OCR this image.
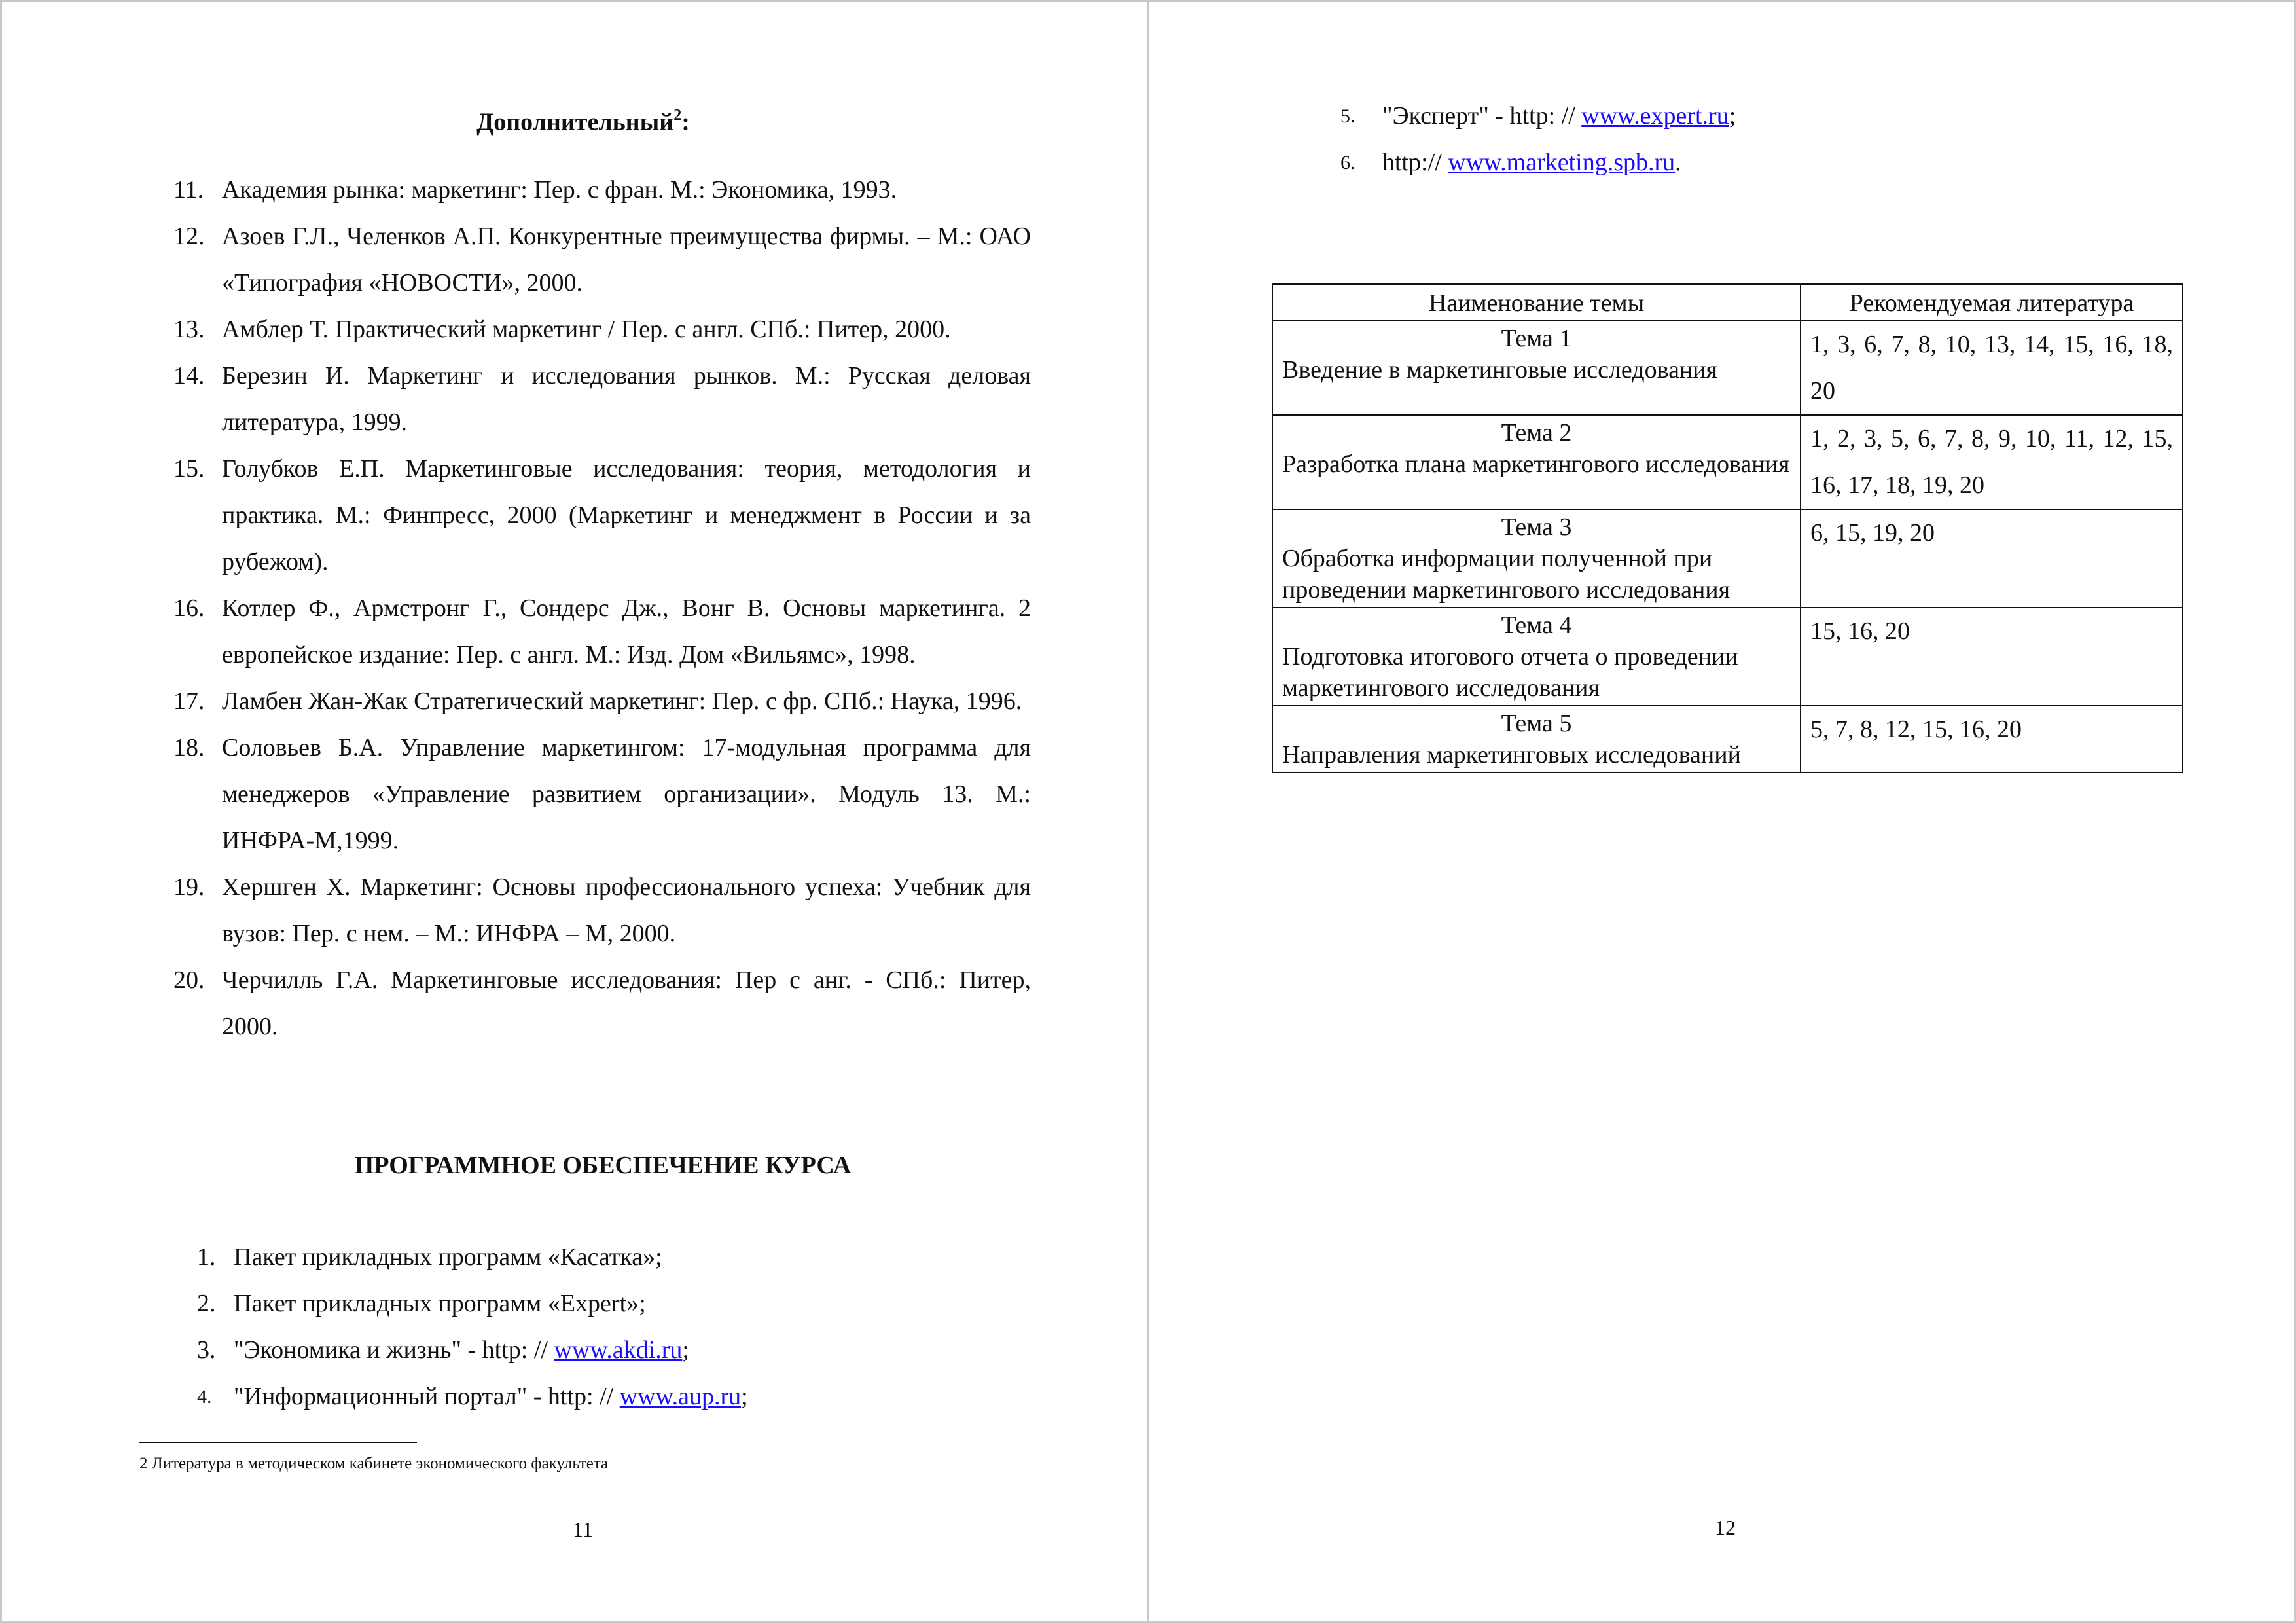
Дополнительный$^2$:
11. Академия рынка: маркетинг: Пер. с фран. М.: Экономика, 1993.
12. Азоев Г.Л., Челенков А.П. Конкурентные преимущества фирмы. – М.: ОАО «Типография «НОВОСТИ», 2000.
13. Амблер Т. Практический маркетинг / Пер. с англ. СПб.: Питер, 2000.
14. Березин И. Маркетинг и исследования рынков. М.: Русская деловая литература, 1999.
15. Голубков Е.П. Маркетинговые исследования: теория, методология и практика. М.: Финпресс, 2000 (Маркетинг и менеджмент в России и за рубежом).
16. Котлер Ф., Армстронг Г., Сондерс Дж., Вонг В. Основы маркетинга. 2 европейское издание: Пер. с англ. М.: Изд. Дом «Вильямс», 1998.
17. Ламбен Жан-Жак Стратегический маркетинг: Пер. с фр. СПб.: Наука, 1996.
18. Соловьев Б.А. Управление маркетингом: 17-модульная программа для менеджеров «Управление развитием организации». Модуль 13. М.: ИНФРА-М,1999.
19. Хершген Х. Маркетинг: Основы профессионального успеха: Учебник для вузов: Пер. с нем. – М.: ИНФРА – М, 2000.
20. Черчилль Г.А. Маркетинговые исследования: Пер с анг. - СПб.: Питер, 2000.
ПРОГРАММНОЕ ОБЕСПЕЧЕНИЕ КУРСА
1. Пакет прикладных программ «Касатка»;
2. Пакет прикладных программ «Expert»;
3. "Экономика и жизнь" - http: // www.akdi.ru;
4. "Информационный портал" - http: // www.aup.ru;
2 Литература в методическом кабинете экономического факультета
11
5. "Эксперт" - http: // www.expert.ru;
6. http:// www.marketing.spb.ru.
Наименование темы	Рекомендуемая литература

Тема 1
Введение в маркетинговые исследования	1, 3, 6, 7, 8, 10, 13, 14, 15, 16, 18, 20

Тема 2
Разработка плана маркетингового исследования	1, 2, 3, 5, 6, 7, 8, 9, 10, 11, 12, 15, 16, 17, 18, 19, 20

Тема 3
Обработка информации полученной при проведении маркетингового исследования	6, 15, 19, 20

Тема 4
Подготовка итогового отчета о проведении маркетингового исследования	15, 16, 20

Тема 5
Направления маркетинговых исследований	5, 7, 8, 12, 15, 16, 20
12
